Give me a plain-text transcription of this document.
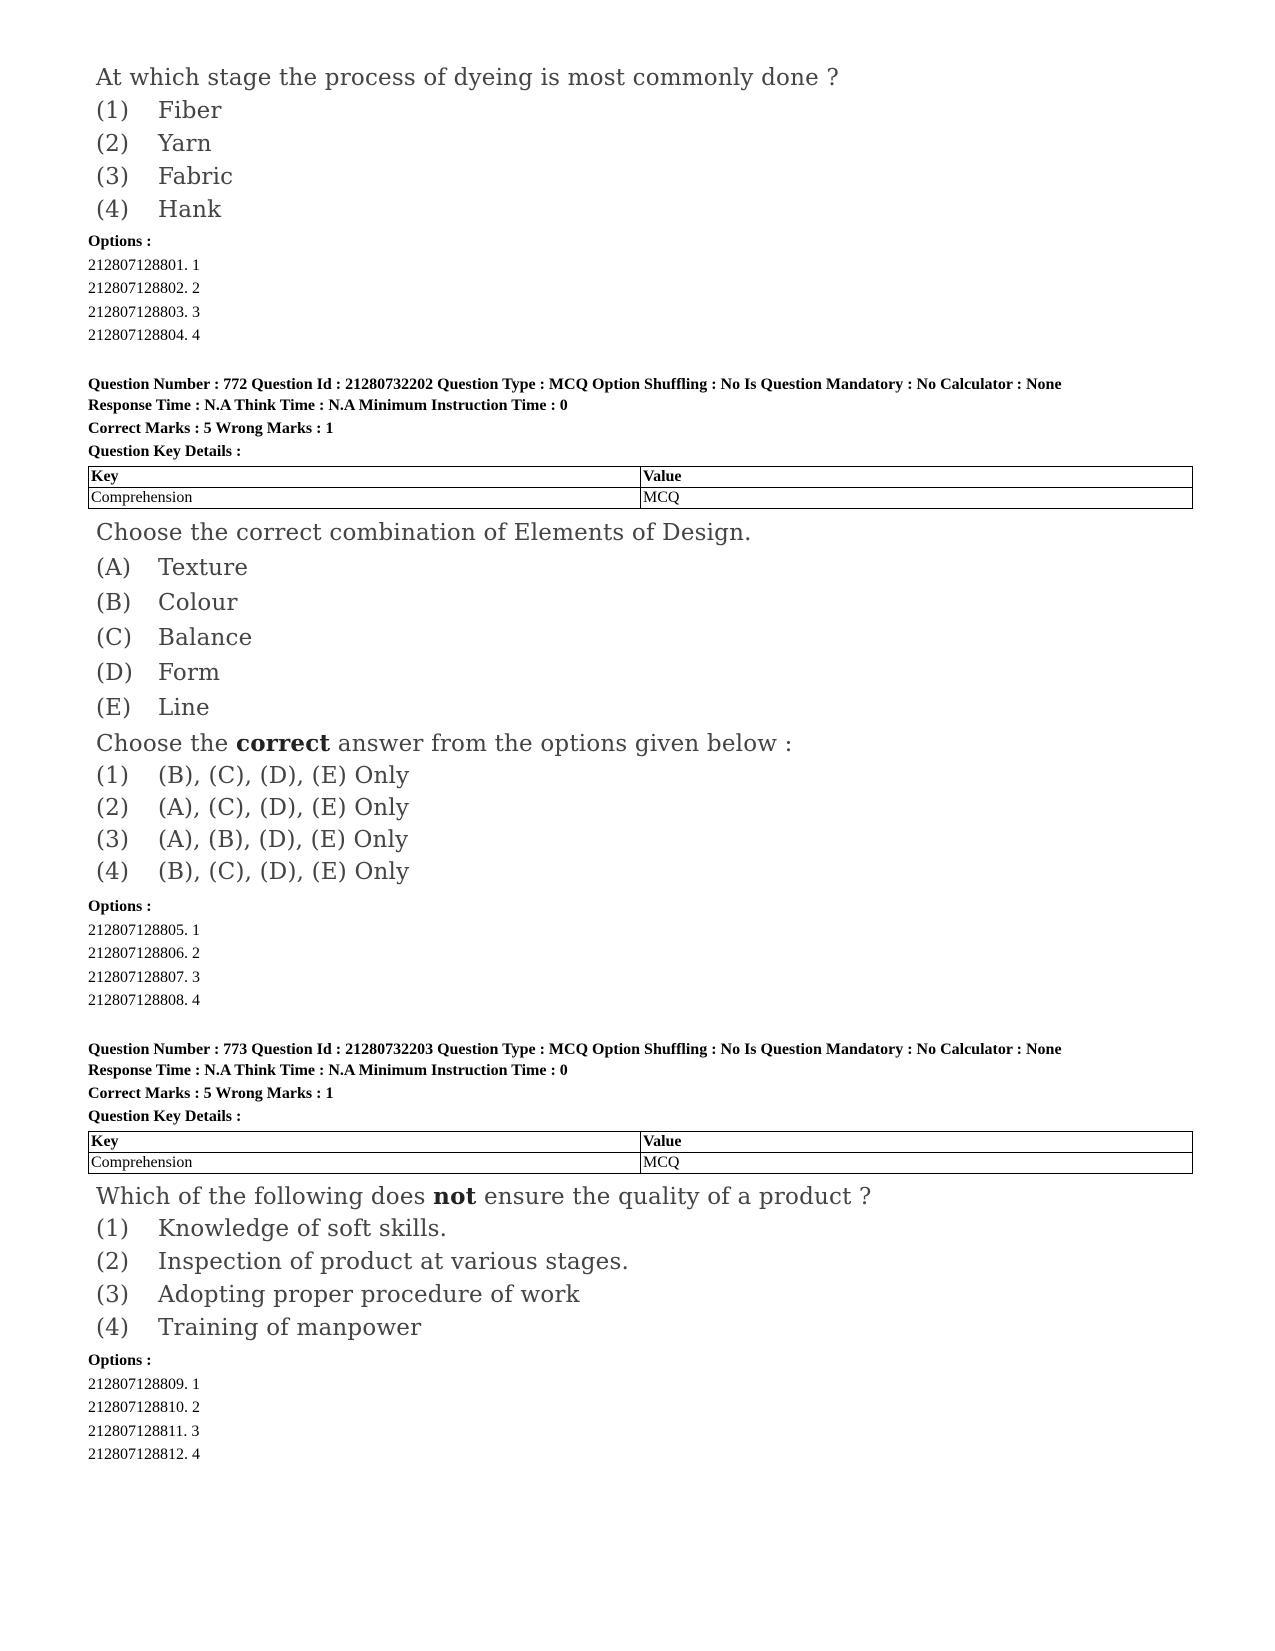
At which stage the process of dyeing is most commonly done ?
(1) Fiber
(2) Yarn
(3) Fabric
(4) Hank
Options :
212807128801. 1
212807128802. 2
212807128803. 3
212807128804. 4
Question Number : 772 Question Id : 21280732202 Question Type : MCQ Option Shuffling : No Is Question Mandatory : No Calculator : None
Response Time : N.A Think Time : N.A Minimum Instruction Time : 0
Correct Marks : 5 Wrong Marks : 1
Question Key Details :
Key	Value
Comprehension	MCQ
Choose the correct combination of Elements of Design.
(A) Texture
(B) Colour
(C) Balance
(D) Form
(E) Line
Choose the correct answer from the options given below :
(1) (B), (C), (D), (E) Only
(2) (A), (C), (D), (E) Only
(3) (A), (B), (D), (E) Only
(4) (B), (C), (D), (E) Only
Options :
212807128805. 1
212807128806. 2
212807128807. 3
212807128808. 4
Question Number : 773 Question Id : 21280732203 Question Type : MCQ Option Shuffling : No Is Question Mandatory : No Calculator : None
Response Time : N.A Think Time : N.A Minimum Instruction Time : 0
Correct Marks : 5 Wrong Marks : 1
Question Key Details :
Key	Value
Comprehension	MCQ
Which of the following does not ensure the quality of a product ?
(1) Knowledge of soft skills.
(2) Inspection of product at various stages.
(3) Adopting proper procedure of work
(4) Training of manpower
Options :
212807128809. 1
212807128810. 2
212807128811. 3
212807128812. 4
